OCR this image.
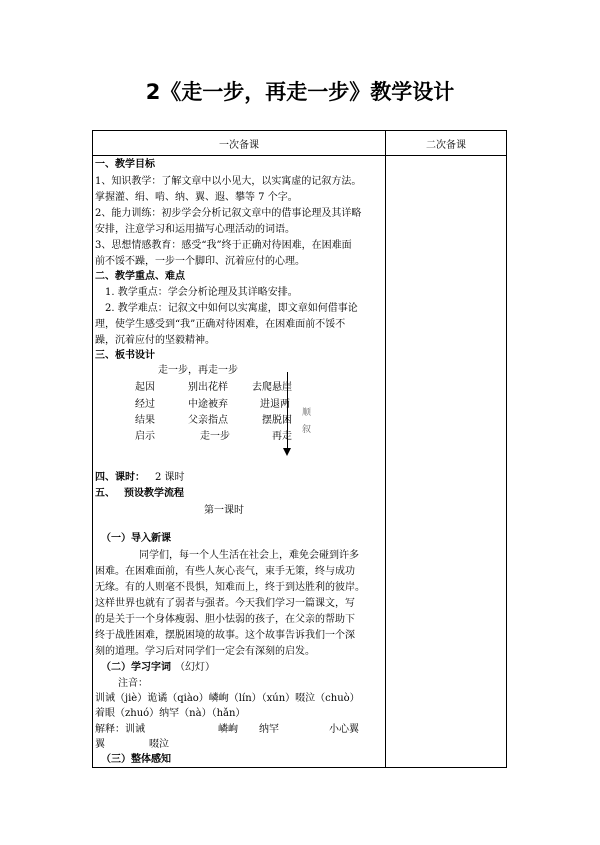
2《走一步，再走一步》教学设计
一次备课	二次备课
一、教学目标
1、知识教学：了解文章中以小见大，以实寓虚的记叙方法。
掌握灌、绢、啃、纳、翼、遐、攀等 7 个字。
2、能力训练：初步学会分析记叙文章中的借事论理及其详略
安排，注意学习和运用描写心理活动的词语。
3、思想情感教育：感受“我”终于正确对待困难，在困难面
前不馁不躁，一步一个脚印、沉着应付的心理。
二、教学重点、难点
1. 教学重点：学会分析论理及其详略安排。
2. 教学难点：记叙文中如何以实寓虚，即文章如何借事论
理，使学生感受到“我”正确对待困难，在困难面前不馁不
躁，沉着应付的坚毅精神。
三、板书设计
走一步，再走一步
起因	别出花样 去爬悬崖
经过	中途被弃	进退两
结果	父亲指点	摆脱困
启示	走一步	再走
顺
叙
四、课时： 2 课时
五、 预设教学流程
第一课时
（一）导入新课
同学们，每一个人生活在社会上，难免会碰到许多
困难。在困难面前，有些人灰心丧气，束手无策，终与成功
无缘。有的人则毫不畏惧，知难而上，终于到达胜利的彼岸。
这样世界也就有了弱者与强者。今天我们学习一篇课文，写
的是关于一个身体瘦弱、胆小怯弱的孩子，在父亲的帮助下
终于战胜困难，摆脱困境的故事。这个故事告诉我们一个深
刻的道理。学习后对同学们一定会有深刻的启发。
（二）学习字词 （幻灯）
注音：
训诫（jiè）诡谲（qiào）嶙峋（lín）（xún）啜泣（chuò）
着眼（zhuó）纳罕（nà）（hǎn）
解释：训诫	嶙峋 纳罕	小心翼
翼	啜泣
（三）整体感知
